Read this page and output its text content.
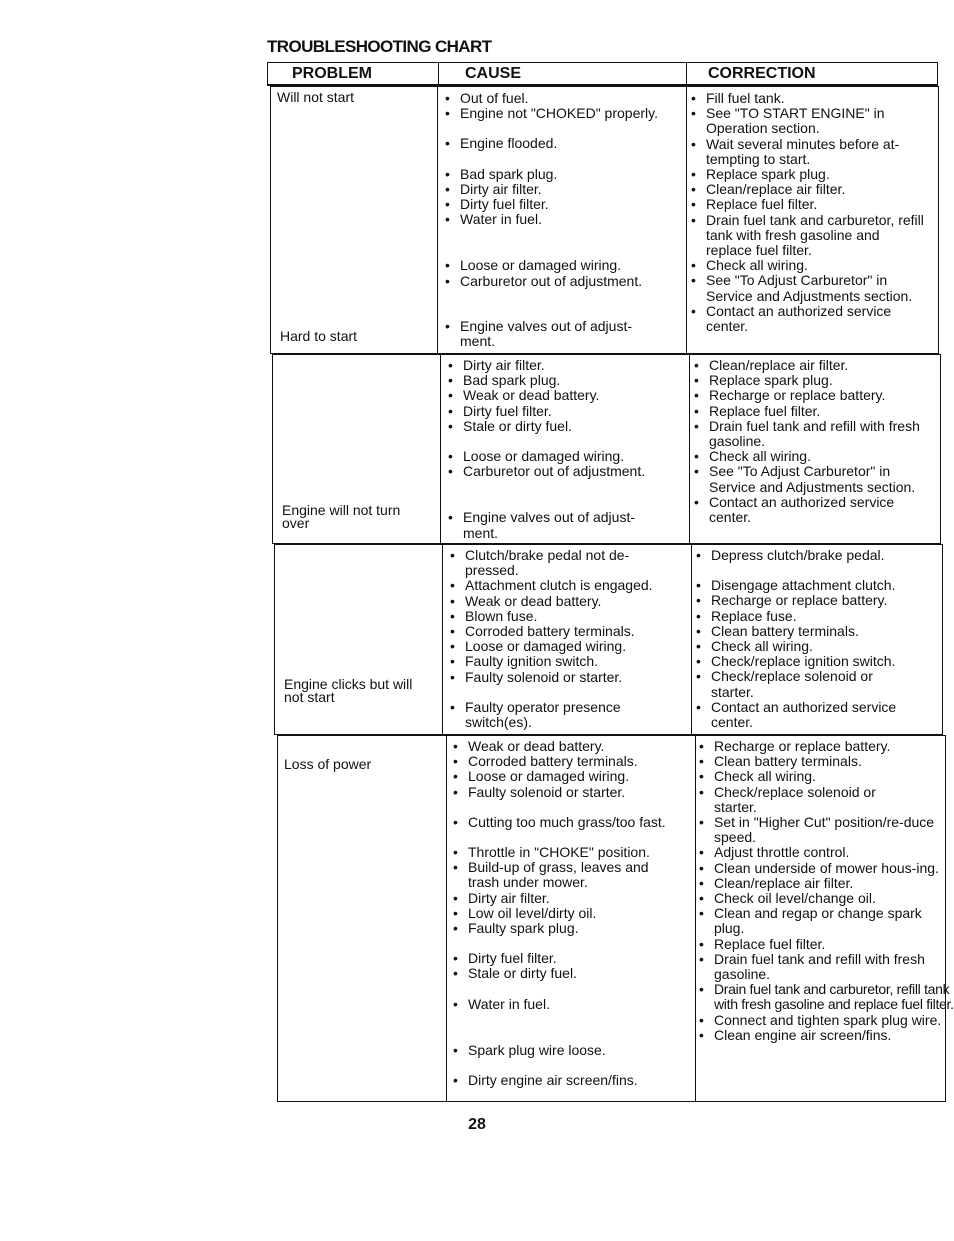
TROUBLESHOOTING CHART
PROBLEM	CAUSE	CORRECTION

Will not start

Hard to start

Engine will not turn over

Engine clicks but will not start

Loss of power

• Out of fuel.
• Engine not "CHOKED" properly.
• Engine flooded.
• Bad spark plug.
• Dirty air filter.
• Dirty fuel filter.
• Water in fuel.
• Loose or damaged wiring.
• Carburetor out of adjustment.
• Engine valves out of adjust-ment.
• Dirty air filter.
• Bad spark plug.
• Weak or dead battery.
• Dirty fuel filter.
• Stale or dirty fuel.
• Loose or damaged wiring.
• Carburetor out of adjustment.
• Engine valves out of adjust-ment.
• Clutch/brake pedal not de-pressed.
• Attachment clutch is engaged.
• Weak or dead battery.
• Blown fuse.
• Corroded battery terminals.
• Loose or damaged wiring.
• Faulty ignition switch.
• Faulty solenoid or starter.
• Faulty operator presence switch(es).
• Weak or dead battery.
• Corroded battery terminals.
• Loose or damaged wiring.
• Faulty solenoid or starter.
• Cutting too much grass/too fast.
• Throttle in "CHOKE" position.
• Build-up of grass, leaves and trash under mower.
• Dirty air filter.
• Low oil level/dirty oil.
• Faulty spark plug.
• Dirty fuel filter.
• Stale or dirty fuel.
• Water in fuel.
• Spark plug wire loose.
• Dirty engine air screen/fins.
• Fill fuel tank.
• See "TO START ENGINE" in Operation section.
• Wait several minutes before at-tempting to start.
• Replace spark plug.
• Clean/replace air filter.
• Replace fuel filter.
• Drain fuel tank and carburetor, refill tank with fresh gasoline and replace fuel filter.
• Check all wiring.
• See "To Adjust Carburetor" in Service and Adjustments section.
• Contact an authorized service center.
• Clean/replace air filter.
• Replace spark plug.
• Recharge or replace battery.
• Replace fuel filter.
• Drain fuel tank and refill with fresh gasoline.
• Check all wiring.
• See "To Adjust Carburetor" in Service and Adjustments section.
• Contact an authorized service center.
• Depress clutch/brake pedal.
• Disengage attachment clutch.
• Recharge or replace battery.
• Replace fuse.
• Clean battery terminals.
• Check all wiring.
• Check/replace ignition switch.
• Check/replace solenoid or starter.
• Contact an authorized service center.
• Recharge or replace battery.
• Clean battery terminals.
• Check all wiring.
• Check/replace solenoid or starter.
• Set in "Higher Cut" position/re-duce speed.
• Adjust throttle control.
• Clean underside of mower hous-ing.
• Clean/replace air filter.
• Check oil level/change oil.
• Clean and regap or change spark plug.
• Replace fuel filter.
• Drain fuel tank and refill with fresh gasoline.
• Drain fuel tank and carburetor, refill tank with fresh gasoline and replace fuel filter.
• Connect and tighten spark plug wire.
• Clean engine air screen/fins.

28
